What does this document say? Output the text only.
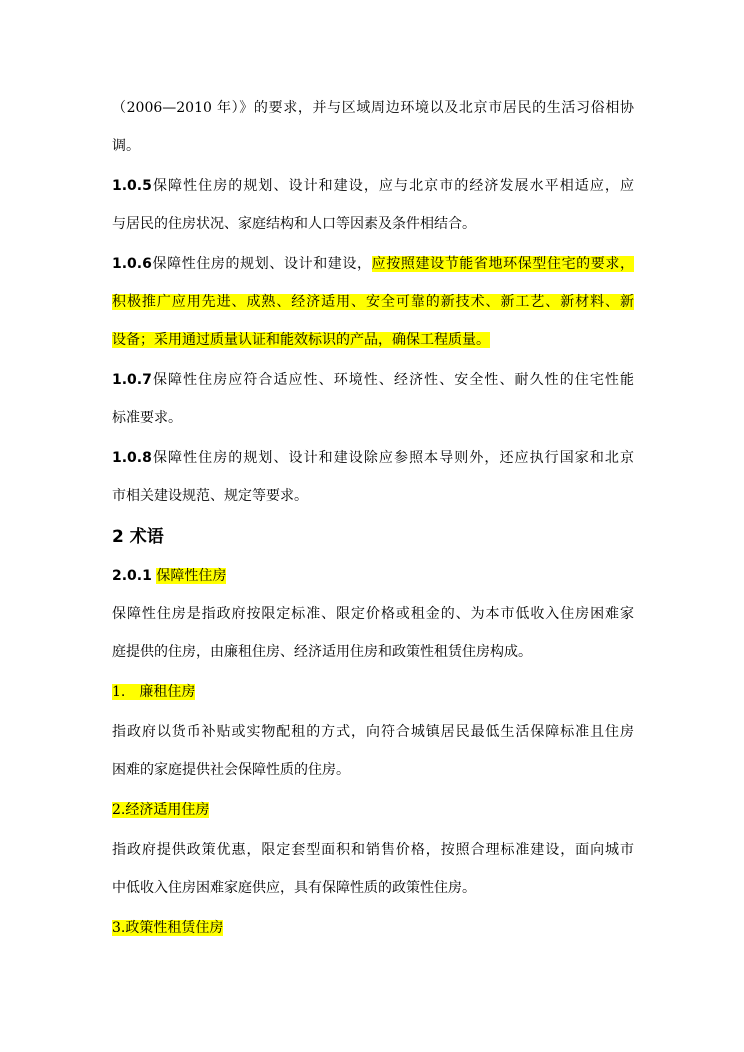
（2006—2010 年）》的要求，并与区域周边环境以及北京市居民的生活习俗相协
调。
1.0.5保障性住房的规划、设计和建设，应与北京市的经济发展水平相适应，应
与居民的住房状况、家庭结构和人口等因素及条件相结合。
1.0.6保障性住房的规划、设计和建设，应按照建设节能省地环保型住宅的要求，
积极推广应用先进、成熟、经济适用、安全可靠的新技术、新工艺、新材料、新
设备；采用通过质量认证和能效标识的产品，确保工程质量。
1.0.7保障性住房应符合适应性、环境性、经济性、安全性、耐久性的住宅性能
标准要求。
1.0.8保障性住房的规划、设计和建设除应参照本导则外，还应执行国家和北京
市相关建设规范、规定等要求。
2 术语
2.0.1 保障性住房
保障性住房是指政府按限定标准、限定价格或租金的、为本市低收入住房困难家
庭提供的住房，由廉租住房、经济适用住房和政策性租赁住房构成。
1.　廉租住房
指政府以货币补贴或实物配租的方式，向符合城镇居民最低生活保障标准且住房
困难的家庭提供社会保障性质的住房。
2.经济适用住房
指政府提供政策优惠，限定套型面积和销售价格，按照合理标准建设，面向城市
中低收入住房困难家庭供应，具有保障性质的政策性住房。
3.政策性租赁住房
